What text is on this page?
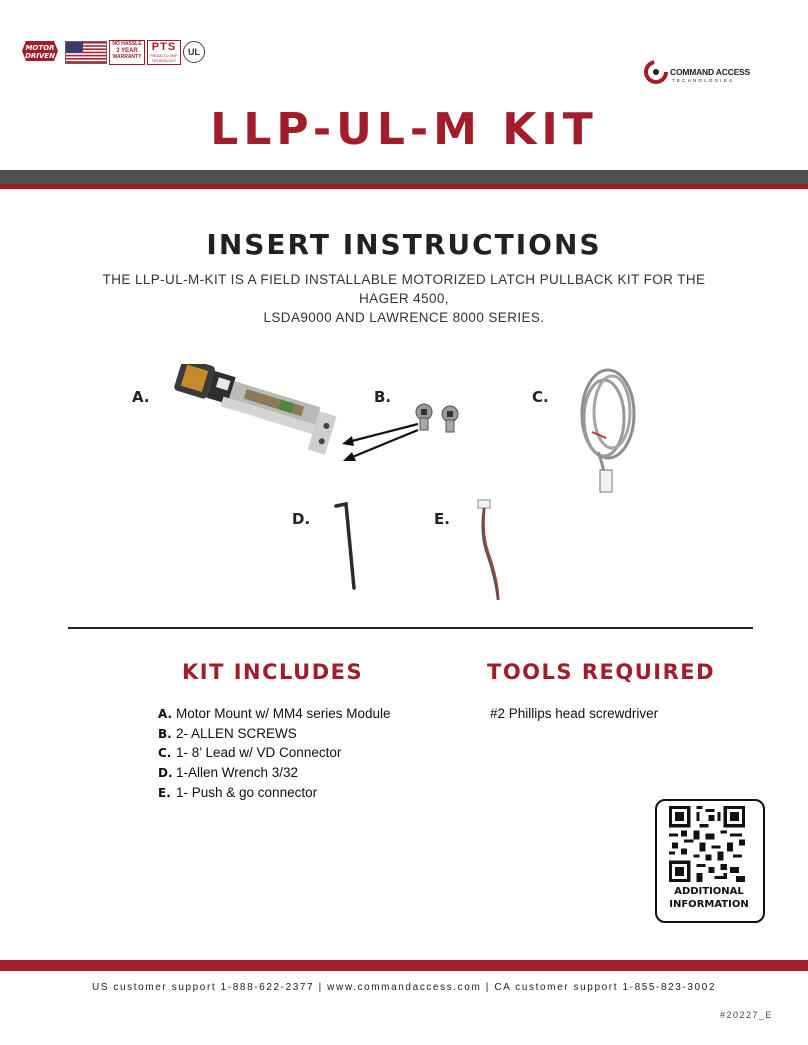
MOTOR
DRIVEN
NO HASSLE
3 YEAR
WARRANTY
PTS
PROUD TO SHIP TECHNOLOGY
UL
COMMAND ACCESS
TECHNOLOGIES
LLP-UL-M KIT
INSERT INSTRUCTIONS
THE LLP-UL-M-KIT IS A FIELD INSTALLABLE MOTORIZED LATCH PULLBACK KIT FOR THE HAGER 4500,
LSDA9000 AND LAWRENCE 8000 SERIES.
A.	B.	C.
D.	E.
KIT INCLUDES
A. Motor Mount w/ MM4 series Module
B. 2- ALLEN SCREWS
C. 1- 8’ Lead w/ VD Connector
D. 1-Allen Wrench 3/32
E. 1- Push & go connector
TOOLS REQUIRED
#2 Phillips head screwdriver
ADDITIONAL
INFORMATION
US customer support 1-888-622-2377 | www.commandaccess.com | CA customer support 1-855-823-3002
#20227_E
